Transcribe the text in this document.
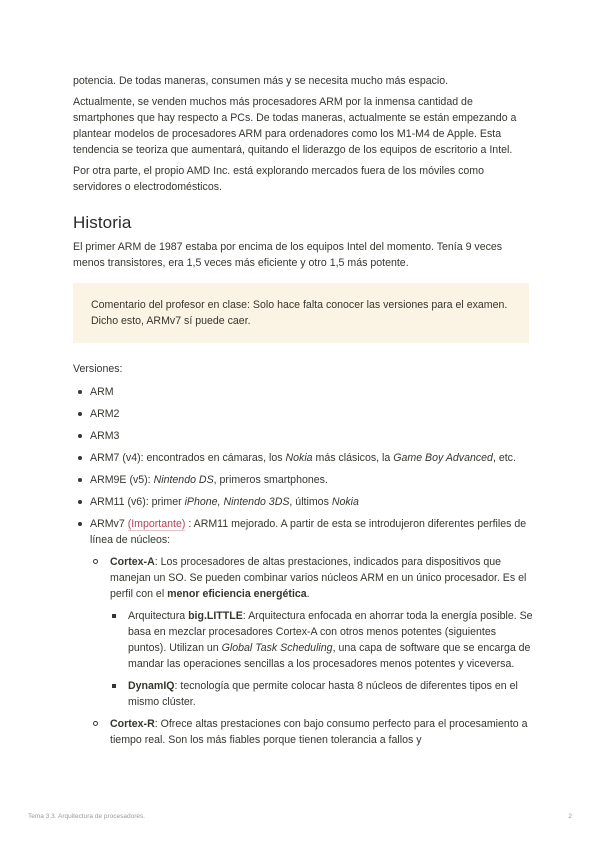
potencia. De todas maneras, consumen más y se necesita mucho más espacio.

Actualmente, se venden muchos más procesadores ARM por la inmensa cantidad de smartphones que hay respecto a PCs. De todas maneras, actualmente se están empezando a plantear modelos de procesadores ARM para ordenadores como los M1-M4 de Apple. Esta tendencia se teoriza que aumentará, quitando el liderazgo de los equipos de escritorio a Intel.

Por otra parte, el propio AMD Inc. está explorando mercados fuera de los móviles como servidores o electrodomésticos.

Historia

El primer ARM de 1987 estaba por encima de los equipos Intel del momento. Tenía 9 veces menos transistores, era 1,5 veces más eficiente y otro 1,5 más potente.

Comentario del profesor en clase: Solo hace falta conocer las versiones para el examen. Dicho esto, ARMv7 sí puede caer.

Versiones:

ARM
ARM2
ARM3
ARM7 (v4): encontrados en cámaras, los Nokia más clásicos, la Game Boy Advanced, etc.
ARM9E (v5): Nintendo DS, primeros smartphones.
ARM11 (v6): primer iPhone, Nintendo 3DS, últimos Nokia
ARMv7 (Importante) : ARM11 mejorado. A partir de esta se introdujeron diferentes perfiles de línea de núcleos:
Cortex-A: Los procesadores de altas prestaciones, indicados para dispositivos que manejan un SO. Se pueden combinar varios núcleos ARM en un único procesador. Es el perfil con el menor eficiencia energética.
Arquitectura big.LITTLE: Arquitectura enfocada en ahorrar toda la energía posible. Se basa en mezclar procesadores Cortex-A con otros menos potentes (siguientes puntos). Utilizan un Global Task Scheduling, una capa de software que se encarga de mandar las operaciones sencillas a los procesadores menos potentes y viceversa.
DynamIQ: tecnología que permite colocar hasta 8 núcleos de diferentes tipos en el mismo clúster.
Cortex-R: Ofrece altas prestaciones con bajo consumo perfecto para el procesamiento a tiempo real. Son los más fiables porque tienen tolerancia a fallos y
Tema 3.3. Arquitectura de procesadores.	2
